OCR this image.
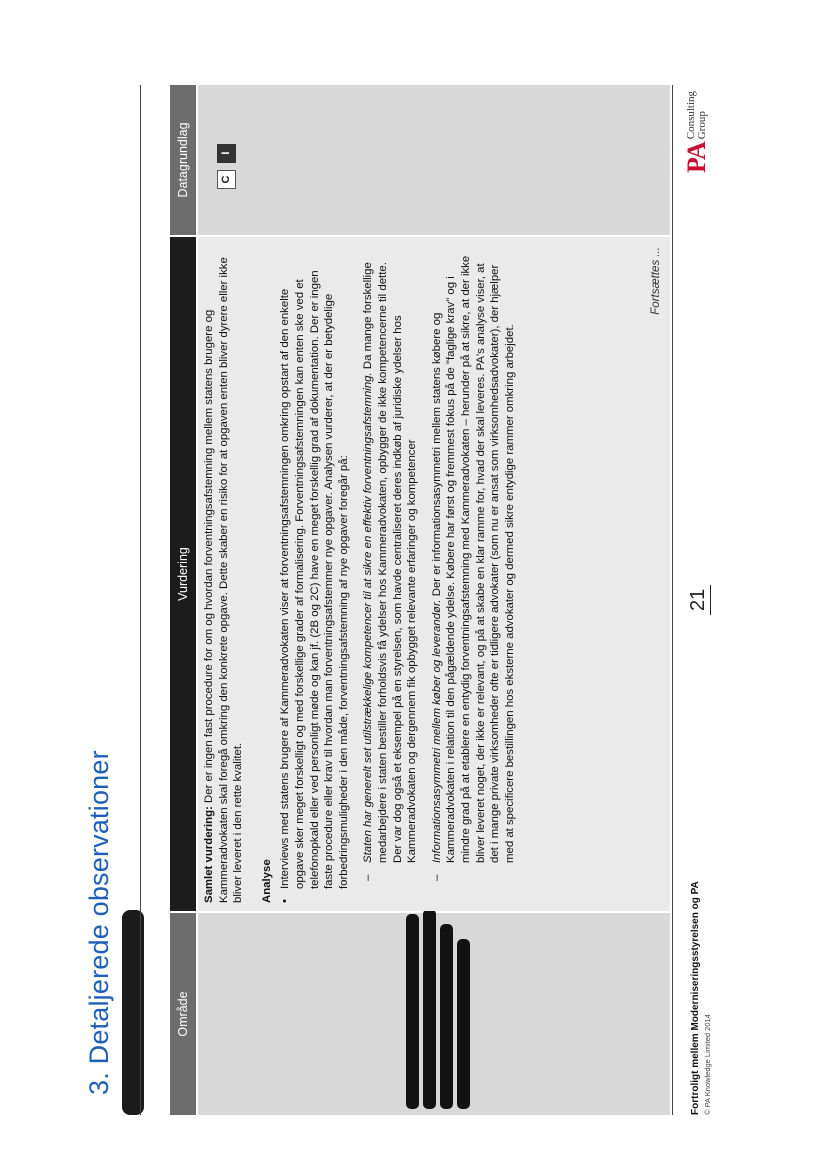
3. Detaljerede observationer	Område
Vurdering
Datagrundlag

Samlet vurdering: Der er ingen fast procedure for om og hvordan forventningsafstemning mellem statens brugere og Kammeradvokaten skal foregå omkring den konkrete opgave. Dette skaber en risiko for at opgaven enten bliver dyrere eller ikke bliver leveret i den rette kvalitet. Analyse •
Interviews med statens brugere af Kammeradvokaten viser at forventningsafstemningen omkring opstart af den enkelte opgave sker meget forskelligt og med forskellige grader af formalisering. Forventningsafstemningen kan enten ske ved et telefonopkald eller ved personligt møde og kan jf. (2B og 2C) have en meget forskellig grad af dokumentation. Der er ingen faste procedure eller krav til hvordan man forventningsafstemmer nye opgaver. Analysen vurderer, at der er betydelige forbedringsmuligheder i den måde, forventningsafstemning af nye opgaver foregår på: –
Staten har generelt set utilstrækkelige kompetencer til at sikre en effektiv forventningsafstemning. Da mange forskellige medarbejdere i staten bestiller forholdsvis få ydelser hos Kammeradvokaten, opbygger de ikke kompetencerne til dette. Der var dog også et eksempel på en styrelsen, som havde centraliseret deres indkøb af juridiske ydelser hos Kammeradvokaten og dergennem fik opbygget relevante erfaringer og kompetencer
–
Informationsasymmetri mellem køber og leverandør. Der er informationsasymmetri mellem statens købere og Kammeradvokaten i relation til den pågældende ydelse. Købere har først og fremmest fokus på de "faglige krav" og i mindre grad på at etablere en entydig forventningsafstemning med Kammeradvokaten – herunder på at sikre, at der ikke bliver leveret noget, der ikke er relevant, og på at skabe en klar ramme for, hvad der skal leveres. PA's analyse viser, at det i mange private virksomheder ofte er tidligere advokater (som nu er ansat som virksomhedsadvokater), der hjælper med at specificere bestillingen hos eksterne advokater og dermed sikre entydige rammer omkring arbejdet.
Fortsættes ...
C I
Fortroligt mellem Moderniseringsstyrelsen og PA © PA Knowledge Limited 2014
21
PA
Consulting
Group
